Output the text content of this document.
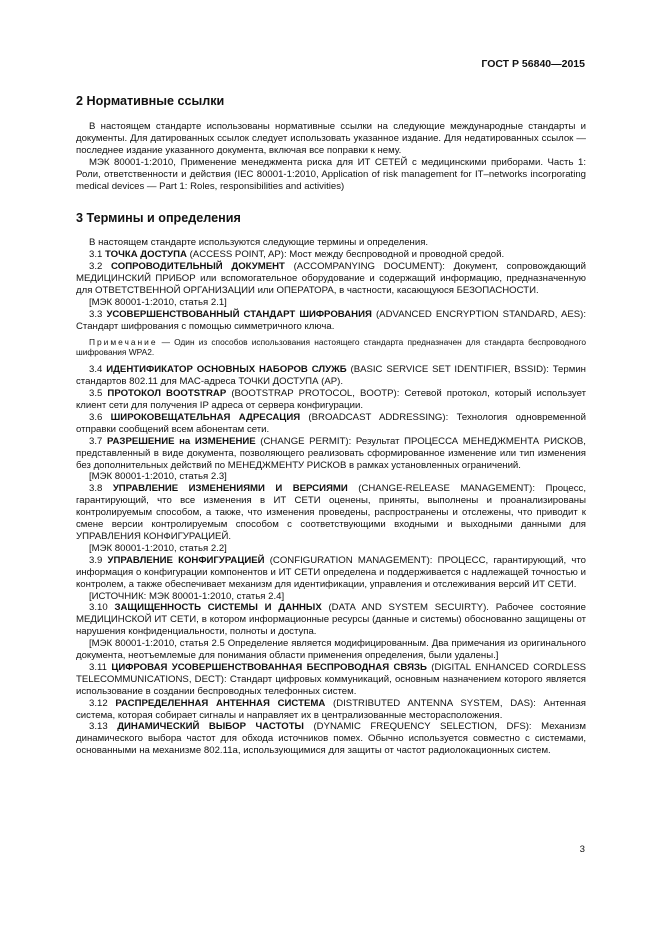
ГОСТ Р 56840—2015
2 Нормативные ссылки

В настоящем стандарте использованы нормативные ссылки на следующие международные стандарты и документы. Для датированных ссылок следует использовать указанное издание. Для недатированных ссылок — последнее издание указанного документа, включая все поправки к нему.

МЭК 80001-1:2010, Применение менеджмента риска для ИТ СЕТЕЙ с медицинскими приборами. Часть 1: Роли, ответственности и действия (IEC 80001-1:2010, Application of risk management for IT–networks incorporating medical devices — Part 1: Roles, responsibilities and activities)

3 Термины и определения

В настоящем стандарте используются следующие термины и определения.

3.1 ТОЧКА ДОСТУПА (ACCESS POINT, AP): Мост между беспроводной и проводной средой.

3.2 СОПРОВОДИТЕЛЬНЫЙ ДОКУМЕНТ (ACCOMPANYING DOCUMENT): Документ, сопровождающий МЕДИЦИНСКИЙ ПРИБОР или вспомогательное оборудование и содержащий информацию, предназначенную для ОТВЕТСТВЕННОЙ ОРГАНИЗАЦИИ или ОПЕРАТОРА, в частности, касающуюся БЕЗОПАСНОСТИ.

[МЭК 80001-1:2010, статья 2.1]

3.3 УСОВЕРШЕНСТВОВАННЫЙ СТАНДАРТ ШИФРОВАНИЯ (ADVANCED ENCRYPTION STANDARD, AES): Стандарт шифрования с помощью симметричного ключа.

Примечание — Один из способов использования настоящего стандарта предназначен для стандарта беспроводного шифрования WPA2.

3.4 ИДЕНТИФИКАТОР ОСНОВНЫХ НАБОРОВ СЛУЖБ (BASIC SERVICE SET IDENTIFIER, BSSID): Термин стандартов 802.11 для MAC-адреса ТОЧКИ ДОСТУПА (AP).

3.5 ПРОТОКОЛ BOOTSTRAP (BOOTSTRAP PROTOCOL, BOOTP): Сетевой протокол, который использует клиент сети для получения IP адреса от сервера конфигурации.

3.6 ШИРОКОВЕЩАТЕЛЬНАЯ АДРЕСАЦИЯ (BROADCAST ADDRESSING): Технология одновременной отправки сообщений всем абонентам сети.

3.7 РАЗРЕШЕНИЕ на ИЗМЕНЕНИЕ (CHANGE PERMIT): Результат ПРОЦЕССА МЕНЕДЖМЕНТА РИСКОВ, представленный в виде документа, позволяющего реализовать сформированное изменение или тип изменения без дополнительных действий по МЕНЕДЖМЕНТУ РИСКОВ в рамках установленных ограничений.

[МЭК 80001-1:2010, статья 2.3]

3.8 УПРАВЛЕНИЕ ИЗМЕНЕНИЯМИ И ВЕРСИЯМИ (CHANGE-RELEASE MANAGEMENT): Процесс, гарантирующий, что все изменения в ИТ СЕТИ оценены, приняты, выполнены и проанализированы контролируемым способом, а также, что изменения проведены, распространены и отслежены, что приводит к смене версии контролируемым способом с соответствующими входными и выходными данными для УПРАВЛЕНИЯ КОНФИГУРАЦИЕЙ.

[МЭК 80001-1:2010, статья 2.2]

3.9 УПРАВЛЕНИЕ КОНФИГУРАЦИЕЙ (CONFIGURATION MANAGEMENT): ПРОЦЕСС, гарантирующий, что информация о конфигурации компонентов и ИТ СЕТИ определена и поддерживается с надлежащей точностью и контролем, а также обеспечивает механизм для идентификации, управления и отслеживания версий ИТ СЕТИ.

[ИСТОЧНИК: МЭК 80001-1:2010, статья 2.4]

3.10 ЗАЩИЩЕННОСТЬ СИСТЕМЫ И ДАННЫХ (DATA AND SYSTEM SECUIRTY). Рабочее состояние МЕДИЦИНСКОЙ ИТ СЕТИ, в котором информационные ресурсы (данные и системы) обоснованно защищены от нарушения конфиденциальности, полноты и доступа.

[МЭК 80001-1:2010, статья 2.5 Определение является модифицированным. Два примечания из оригинального документа, неотъемлемые для понимания области применения определения, были удалены.]

3.11 ЦИФРОВАЯ УСОВЕРШЕНСТВОВАННАЯ БЕСПРОВОДНАЯ СВЯЗЬ (DIGITAL ENHANCED CORDLESS TELECOMMUNICATIONS, DECT): Стандарт цифровых коммуникаций, основным назначением которого является использование в создании беспроводных телефонных систем.

3.12 РАСПРЕДЕЛЕННАЯ АНТЕННАЯ СИСТЕМА (DISTRIBUTED ANTENNA SYSTEM, DAS): Антенная система, которая собирает сигналы и направляет их в централизованные месторасположения.

3.13 ДИНАМИЧЕСКИЙ ВЫБОР ЧАСТОТЫ (DYNAMIC FREQUENCY SELECTION, DFS): Механизм динамического выбора частот для обхода источников помех. Обычно используется совместно с системами, основанными на механизме 802.11a, использующимися для защиты от частот радиолокационных систем.

3
